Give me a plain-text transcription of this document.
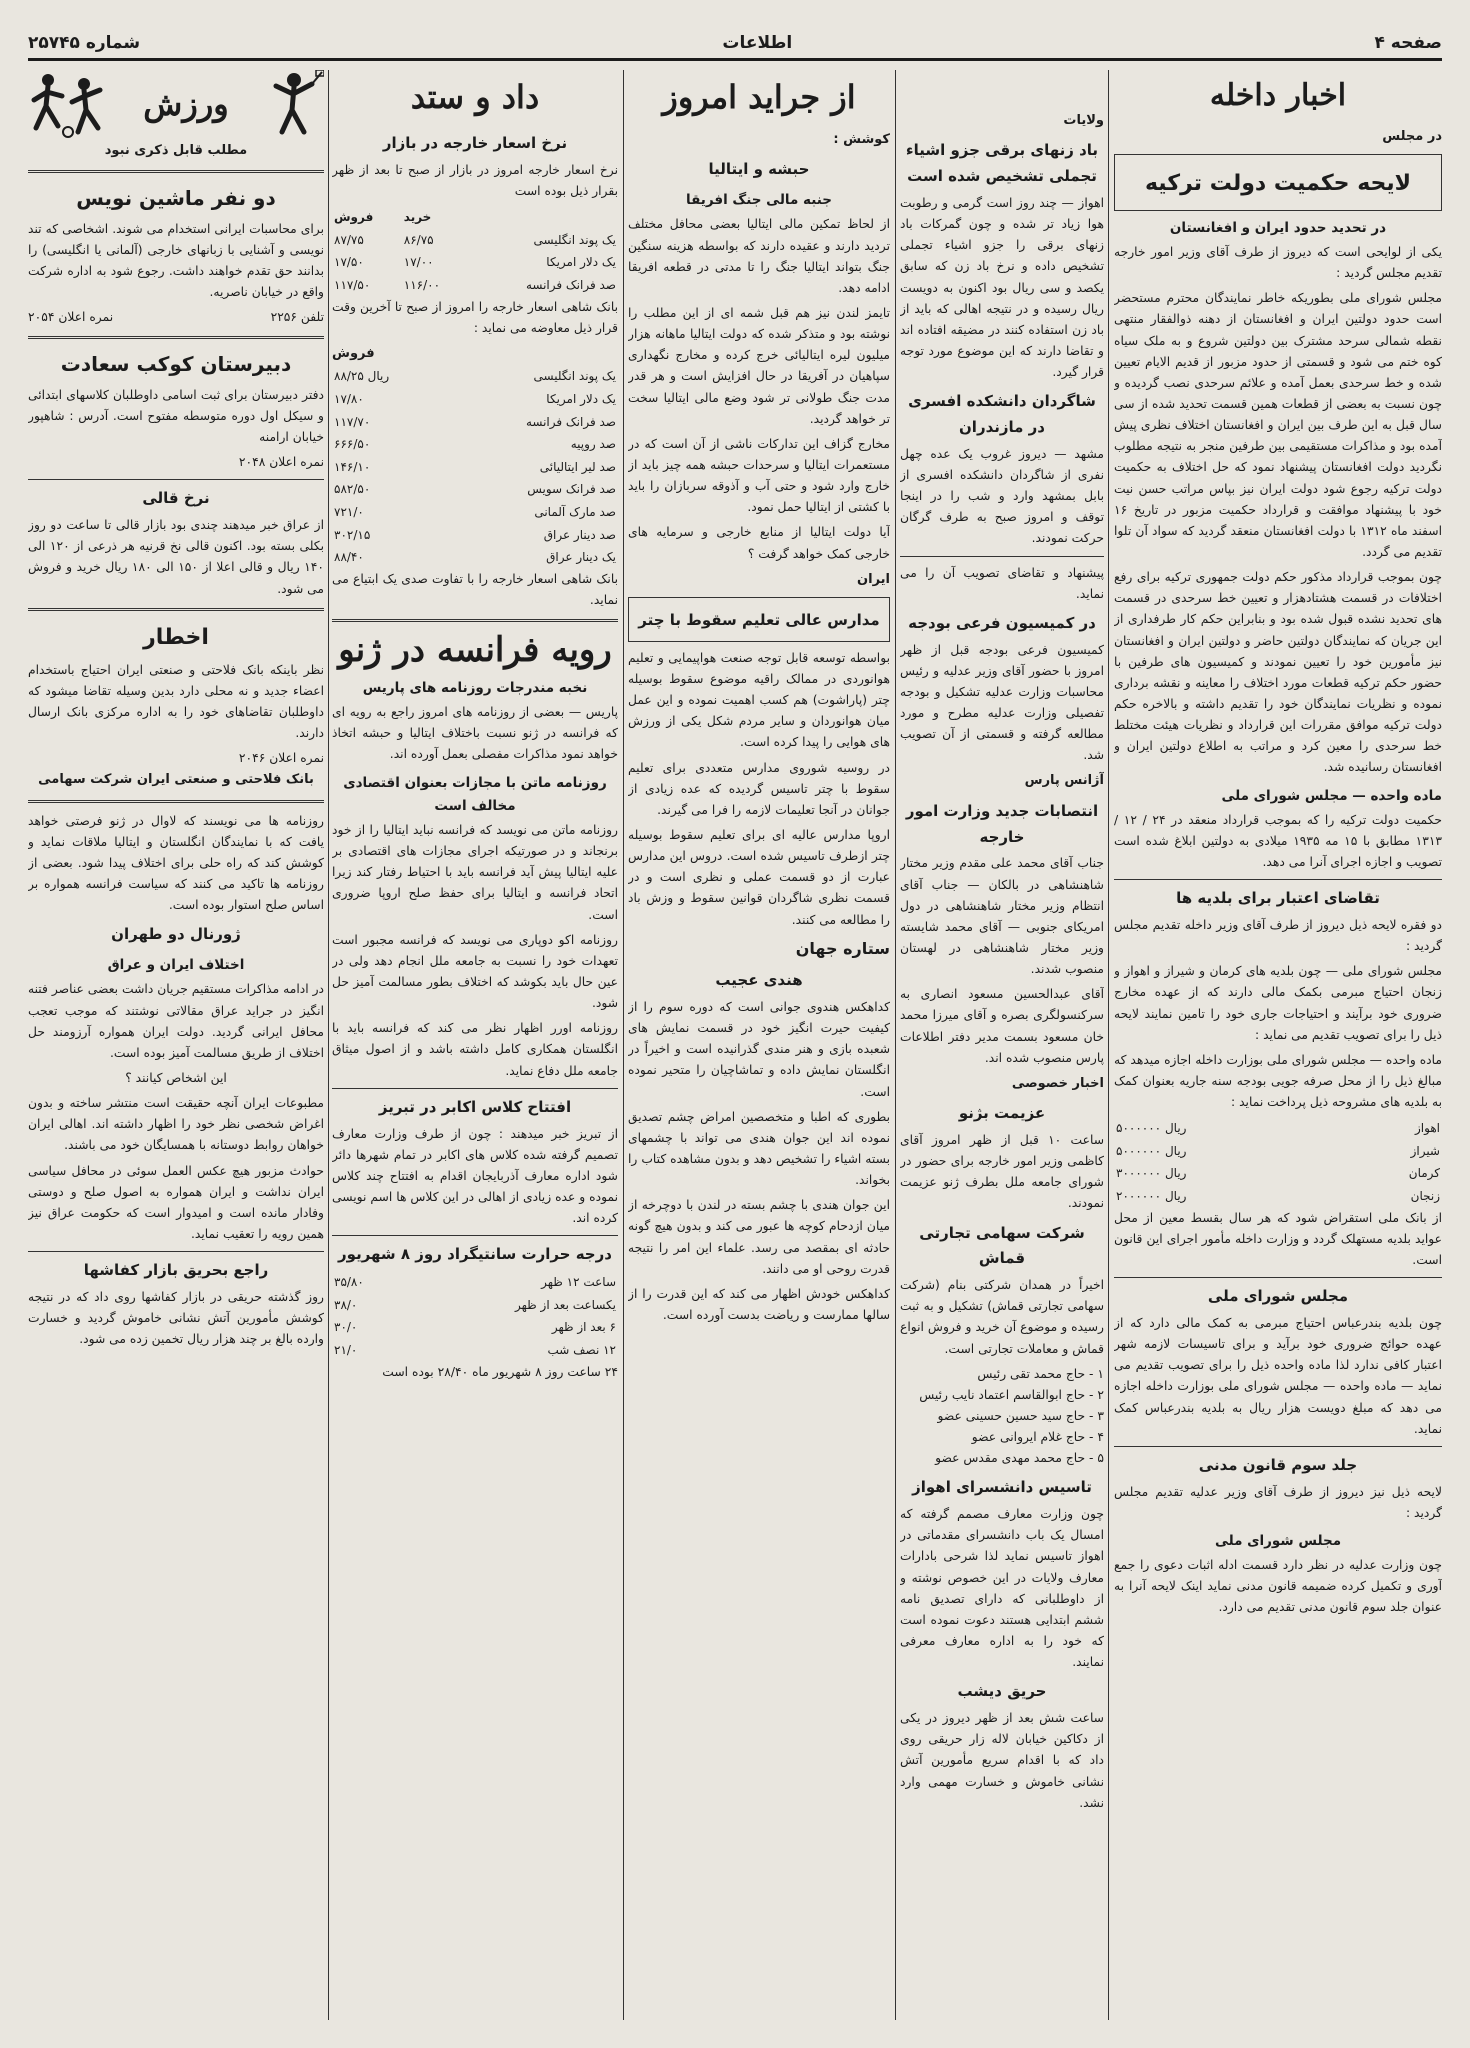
صفحه ۴
اطلاعات
شماره ۲۵۷۴۵
اخبار داخله
در مجلس
لایحه حکمیت دولت ترکیه
در تحدید حدود ایران و افغانستان

یکی از لوایحی است که دیروز از طرف آقای وزیر امور خارجه تقدیم مجلس گردید :

مجلس شورای ملی بطوریکه خاطر نمایندگان محترم مستحضر است حدود دولتین ایران و افغانستان از دهنه ذوالفقار منتهی نقطه شمالی سرحد مشترک بین دولتین شروع و به ملک سیاه کوه ختم می شود و قسمتی از حدود مزبور از قدیم الایام تعیین شده و خط سرحدی بعمل آمده و علائم سرحدی نصب گردیده و چون نسبت به بعضی از قطعات همین قسمت تحدید شده از سی سال قبل به این طرف بین ایران و افغانستان اختلاف نظری پیش آمده بود و مذاکرات مستقیمی بین طرفین منجر به نتیجه مطلوب نگردید دولت افغانستان پیشنهاد نمود که حل اختلاف به حکمیت دولت ترکیه رجوع شود دولت ایران نیز بپاس مراتب حسن نیت خود با پیشنهاد موافقت و قرارداد حکمیت مزبور در تاریخ ۱۶ اسفند ماه ۱۳۱۲ با دولت افغانستان منعقد گردید که سواد آن تلوا تقدیم می گردد.

چون بموجب قرارداد مذکور حکم دولت جمهوری ترکیه برای رفع اختلافات در قسمت هشتادهزار و تعیین خط سرحدی در قسمت های تحدید نشده قبول شده بود و بنابراین حکم کار طرفداری از این جریان که نمایندگان دولتین حاضر و دولتین ایران و افغانستان نیز مأمورین خود را تعیین نمودند و کمیسیون های طرفین با حضور حکم ترکیه قطعات مورد اختلاف را معاینه و نقشه برداری نموده و نظریات نمایندگان خود را تقدیم داشته و بالاخره حکم دولت ترکیه موافق مقررات این قرارداد و نظریات هیئت مختلط خط سرحدی را معین کرد و مراتب به اطلاع دولتین ایران و افغانستان رسانیده شد.

ماده واحده — مجلس شورای ملی

حکمیت دولت ترکیه را که بموجب قرارداد منعقد در ۲۴ / ۱۲ / ۱۳۱۳ مطابق با ۱۵ مه ۱۹۳۵ میلادی به دولتین ابلاغ شده است تصویب و اجازه اجرای آنرا می دهد.

تقاضای اعتبار برای بلدیه ها

دو فقره لایحه ذیل دیروز از طرف آقای وزیر داخله تقدیم مجلس گردید :

مجلس شورای ملی — چون بلدیه های کرمان و شیراز و اهواز و زنجان احتیاج مبرمی بکمک مالی دارند که از عهده مخارج ضروری خود برآیند و احتیاجات جاری خود را تامین نمایند لایحه ذیل را برای تصویب تقدیم می نماید :

ماده واحده — مجلس شورای ملی بوزارت داخله اجازه میدهد که مبالغ ذیل را از محل صرفه جویی بودجه سنه جاریه بعنوان کمک به بلدیه های مشروحه ذیل پرداخت نماید :

اهواز	۵۰۰۰۰۰۰ ریال
شیراز	۵۰۰۰۰۰۰ ریال
کرمان	۳۰۰۰۰۰۰ ریال
زنجان	۲۰۰۰۰۰۰ ریال

از بانک ملی استقراض شود که هر سال بقسط معین از محل عواید بلدیه مستهلک گردد و وزارت داخله مأمور اجرای این قانون است.

مجلس شورای ملی

چون بلدیه بندرعباس احتیاج مبرمی به کمک مالی دارد که از عهده حوائج ضروری خود برآید و برای تاسیسات لازمه شهر اعتبار کافی ندارد لذا ماده واحده ذیل را برای تصویب تقدیم می نماید — ماده واحده — مجلس شورای ملی بوزارت داخله اجازه می دهد که مبلغ دویست هزار ریال به بلدیه بندرعباس کمک نماید.

جلد سوم قانون مدنی

لایحه ذیل نیز دیروز از طرف آقای وزیر عدلیه تقدیم مجلس گردید :

مجلس شورای ملی

چون وزارت عدلیه در نظر دارد قسمت ادله اثبات دعوی را جمع آوری و تکمیل کرده ضمیمه قانون مدنی نماید اینک لایحه آنرا به عنوان جلد سوم قانون مدنی تقدیم می دارد.

ولایات
باد زنهای برقی جزو اشیاء تجملی تشخیص شده است

اهواز — چند روز است گرمی و رطوبت هوا زیاد تر شده و چون گمرکات باد زنهای برقی را جزو اشیاء تجملی تشخیص داده و نرخ باد زن که سابق یکصد و سی ریال بود اکنون به دویست ریال رسیده و در نتیجه اهالی که باید از باد زن استفاده کنند در مضیقه افتاده اند و تقاضا دارند که این موضوع مورد توجه قرار گیرد.

شاگردان دانشکده افسری در مازندران

مشهد — دیروز غروب یک عده چهل نفری از شاگردان دانشکده افسری از بابل بمشهد وارد و شب را در اینجا توقف و امروز صبح به طرف گرگان حرکت نمودند.

پیشنهاد و تقاضای تصویب آن را می نماید.

در کمیسیون فرعی بودجه

کمیسیون فرعی بودجه قبل از ظهر امروز با حضور آقای وزیر عدلیه و رئیس محاسبات وزارت عدلیه تشکیل و بودجه تفصیلی وزارت عدلیه مطرح و مورد مطالعه گرفته و قسمتی از آن تصویب شد.

آژانس پارس
انتصابات جدید وزارت امور خارجه

جناب آقای محمد علی مقدم وزیر مختار شاهنشاهی در بالکان — جناب آقای انتظام وزیر مختار شاهنشاهی در دول امریکای جنوبی — آقای محمد شایسته وزیر مختار شاهنشاهی در لهستان منصوب شدند.

آقای عبدالحسین مسعود انصاری به سرکنسولگری بصره و آقای میرزا محمد خان مسعود بسمت مدیر دفتر اطلاعات پارس منصوب شده اند.

اخبار خصوصی
عزیمت بژنو

ساعت ۱۰ قبل از ظهر امروز آقای کاظمی وزیر امور خارجه برای حضور در شورای جامعه ملل بطرف ژنو عزیمت نمودند.

شرکت سهامی تجارتی قماش

اخیراً در همدان شرکتی بنام (شرکت سهامی تجارتی قماش) تشکیل و به ثبت رسیده و موضوع آن خرید و فروش انواع قماش و معاملات تجارتی است.

۱ - حاج محمد تقی رئیس
۲ - حاج ابوالقاسم اعتماد نایب رئیس
۳ - حاج سید حسین حسینی عضو
۴ - حاج غلام ایروانی عضو
۵ - حاج محمد مهدی مقدس عضو
تاسیس دانشسرای اهواز

چون وزارت معارف مصمم گرفته که امسال یک باب دانشسرای مقدماتی در اهواز تاسیس نماید لذا شرحی بادارات معارف ولایات در این خصوص نوشته و از داوطلبانی که دارای تصدیق نامه ششم ابتدایی هستند دعوت نموده است که خود را به اداره معارف معرفی نمایند.

حریق دیشب

ساعت شش بعد از ظهر دیروز در یکی از دکاکین خیابان لاله زار حریقی روی داد که با اقدام سریع مأمورین آتش نشانی خاموش و خسارت مهمی وارد نشد.

از جراید امروز
کوشش :
حبشه و ایتالیا
جنبه مالی جنگ افریقا

از لحاظ تمکین مالی ایتالیا بعضی محافل مختلف تردید دارند و عقیده دارند که بواسطه هزینه سنگین جنگ بتواند ایتالیا جنگ را تا مدتی در قطعه افریقا ادامه دهد.

تایمز لندن نیز هم قبل شمه ای از این مطلب را نوشته بود و متذکر شده که دولت ایتالیا ماهانه هزار میلیون لیره ایتالیائی خرج کرده و مخارج نگهداری سپاهیان در آفریقا در حال افزایش است و هر قدر مدت جنگ طولانی تر شود وضع مالی ایتالیا سخت تر خواهد گردید.

مخارج گزاف این تدارکات ناشی از آن است که در مستعمرات ایتالیا و سرحدات حبشه همه چیز باید از خارج وارد شود و حتی آب و آذوقه سربازان را باید با کشتی از ایتالیا حمل نمود.

آیا دولت ایتالیا از منابع خارجی و سرمایه های خارجی کمک خواهد گرفت ؟

ایران
مدارس عالی تعلیم سقوط با چتر

بواسطه توسعه قابل توجه صنعت هواپیمایی و تعلیم هوانوردی در ممالک راقیه موضوع سقوط بوسیله چتر (پاراشوت) هم کسب اهمیت نموده و این عمل میان هوانوردان و سایر مردم شکل یکی از ورزش های هوایی را پیدا کرده است.

در روسیه شوروی مدارس متعددی برای تعلیم سقوط با چتر تاسیس گردیده که عده زیادی از جوانان در آنجا تعلیمات لازمه را فرا می گیرند.

اروپا مدارس عالیه ای برای تعلیم سقوط بوسیله چتر ازطرف تاسیس شده است. دروس این مدارس عبارت از دو قسمت عملی و نظری است و در قسمت نظری شاگردان قوانین سقوط و وزش باد را مطالعه می کنند.

ستاره جهان
هندی عجیب

کداهکس هندوی جوانی است که دوره سوم را از کیفیت حیرت انگیز خود در قسمت نمایش های شعبده بازی و هنر مندی گذرانیده است و اخیراً در انگلستان نمایش داده و تماشاچیان را متحیر نموده است.

بطوری که اطبا و متخصصین امراض چشم تصدیق نموده اند این جوان هندی می تواند با چشمهای بسته اشیاء را تشخیص دهد و بدون مشاهده کتاب را بخواند.

این جوان هندی با چشم بسته در لندن با دوچرخه از میان ازدحام کوچه ها عبور می کند و بدون هیچ گونه حادثه ای بمقصد می رسد. علماء این امر را نتیجه قدرت روحی او می دانند.

کداهکس خودش اظهار می کند که این قدرت را از سالها ممارست و ریاضت بدست آورده است.

داد و ستد
نرخ اسعار خارجه در بازار

نرخ اسعار خارجه امروز در بازار از صبح تا بعد از ظهر بقرار ذیل بوده است

	خرید	فروش
یک پوند انگلیسی	۸۶/۷۵	۸۷/۷۵
یک دلار امریکا	۱۷/۰۰	۱۷/۵۰
صد فرانک فرانسه	۱۱۶/۰۰	۱۱۷/۵۰

بانک شاهی اسعار خارجه را امروز از صبح تا آخرین وقت قرار ذیل معاوضه می نماید :

فروش
یک پوند انگلیسی	۸۸/۲۵ ریال
یک دلار امریکا	۱۷/۸۰
صد فرانک فرانسه	۱۱۷/۷۰
صد روپیه	۶۶۶/۵۰
صد لیر ایتالیائی	۱۴۶/۱۰
صد فرانک سویس	۵۸۲/۵۰
صد مارک آلمانی	۷۲۱/۰
صد دینار عراق	۳۰۲/۱۵
یک دینار عراق	۸۸/۴۰

بانک شاهی اسعار خارجه را با تفاوت صدی یک ابتیاع می نماید.

رویه فرانسه در ژنو
نخبه مندرجات روزنامه های پاریس

پاریس — بعضی از روزنامه های امروز راجع به رویه ای که فرانسه در ژنو نسبت باختلاف ایتالیا و حبشه اتخاذ خواهد نمود مذاکرات مفصلی بعمل آورده اند.

روزنامه ماتن با مجازات بعنوان اقتصادی مخالف است

روزنامه ماتن می نویسد که فرانسه نباید ایتالیا را از خود برنجاند و در صورتیکه اجرای مجازات های اقتصادی بر علیه ایتالیا پیش آید فرانسه باید با احتیاط رفتار کند زیرا اتحاد فرانسه و ایتالیا برای حفظ صلح اروپا ضروری است.

روزنامه اکو دوپاری می نویسد که فرانسه مجبور است تعهدات خود را نسبت به جامعه ملل انجام دهد ولی در عین حال باید بکوشد که اختلاف بطور مسالمت آمیز حل شود.

روزنامه اورر اظهار نظر می کند که فرانسه باید با انگلستان همکاری کامل داشته باشد و از اصول میثاق جامعه ملل دفاع نماید.

افتتاح کلاس اکابر در تبریز

از تبریز خبر میدهند : چون از طرف وزارت معارف تصمیم گرفته شده کلاس های اکابر در تمام شهرها دائر شود اداره معارف آذربایجان اقدام به افتتاح چند کلاس نموده و عده زیادی از اهالی در این کلاس ها اسم نویسی کرده اند.

درجه حرارت سانتیگراد روز ۸ شهریور
ساعت ۱۲ ظهر	۳۵/۸۰
یکساعت بعد از ظهر	۳۸/۰
۶ بعد از ظهر	۳۰/۰
۱۲ نصف شب	۲۱/۰

۲۴ ساعت روز ۸ شهریور ماه ۲۸/۴۰ بوده است

ورزش
مطلب قابل ذکری نبود
دو نفر ماشین نویس

برای محاسبات ایرانی استخدام می شوند. اشخاصی که تند نویسی و آشنایی با زبانهای خارجی (آلمانی یا انگلیسی) را بدانند حق تقدم خواهند داشت. رجوع شود به اداره شرکت واقع در خیابان ناصریه.

تلفن ۲۲۵۶
نمره اعلان ۲۰۵۴
دبیرستان کوکب سعادت

دفتر دبیرستان برای ثبت اسامی داوطلبان کلاسهای ابتدائی و سیکل اول دوره متوسطه مفتوح است. آدرس : شاهپور خیابان ارامنه

نمره اعلان ۲۰۴۸
نرخ قالی

از عراق خبر میدهند چندی بود بازار قالی تا ساعت دو روز بکلی بسته بود. اکنون قالی نخ قرنیه هر ذرعی از ۱۲۰ الی ۱۴۰ ریال و قالی اعلا از ۱۵۰ الی ۱۸۰ ریال خرید و فروش می شود.

اخطار

نظر باینکه بانک فلاحتی و صنعتی ایران احتیاج باستخدام اعضاء جدید و نه محلی دارد بدین وسیله تقاضا میشود که داوطلبان تقاضاهای خود را به اداره مرکزی بانک ارسال دارند.

نمره اعلان ۲۰۴۶
بانک فلاحتی و صنعتی ایران شرکت سهامی

روزنامه ها می نویسند که لاوال در ژنو فرصتی خواهد یافت که با نمایندگان انگلستان و ایتالیا ملاقات نماید و کوشش کند که راه حلی برای اختلاف پیدا شود. بعضی از روزنامه ها تاکید می کنند که سیاست فرانسه همواره بر اساس صلح استوار بوده است.

ژورنال دو طهران
اختلاف ایران و عراق

در ادامه مذاکرات مستقیم جریان داشت بعضی عناصر فتنه انگیز در جراید عراق مقالاتی نوشتند که موجب تعجب محافل ایرانی گردید. دولت ایران همواره آرزومند حل اختلاف از طریق مسالمت آمیز بوده است.

این اشخاص کیانند ؟

مطبوعات ایران آنچه حقیقت است منتشر ساخته و بدون اغراض شخصی نظر خود را اظهار داشته اند. اهالی ایران خواهان روابط دوستانه با همسایگان خود می باشند.

حوادث مزبور هیچ عکس العمل سوئی در محافل سیاسی ایران نداشت و ایران همواره به اصول صلح و دوستی وفادار مانده است و امیدوار است که حکومت عراق نیز همین رویه را تعقیب نماید.

راجع بحریق بازار کفاشها

روز گذشته حریقی در بازار کفاشها روی داد که در نتیجه کوشش مأمورین آتش نشانی خاموش گردید و خسارت وارده بالغ بر چند هزار ریال تخمین زده می شود.
